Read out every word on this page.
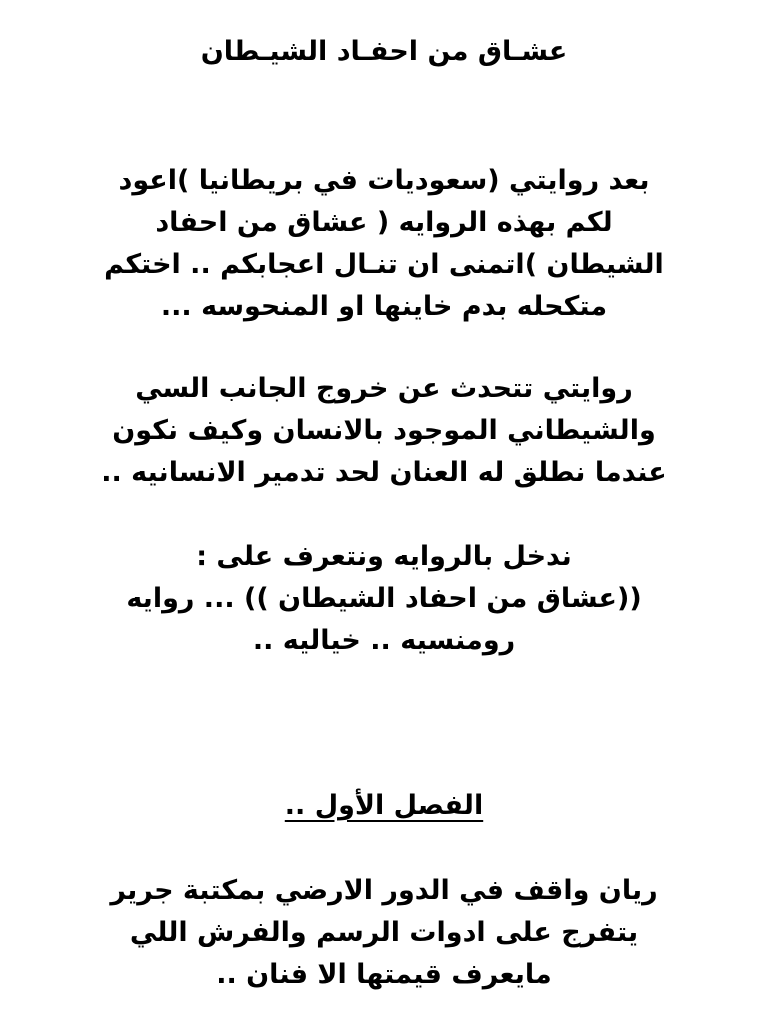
عشـاق من احفـاد الشيـطان
بعد روايتي (سعوديات في بريطانيا )اعود
لكم بهذه الروايه ( عشاق من احفاد
الشيطان )اتمنى ان تنـال اعجابكم .. اختكم
متكحله بدم خاينها او المنحوسه ...
روايتي تتحدث عن خروج الجانب السي
والشيطاني الموجود بالانسان وكيف نكون
عندما نطلق له العنان لحد تدمير الانسانيه ..
ندخل بالروايه ونتعرف على :
((عشاق من احفاد الشيطان )) ... روايه
رومنسيه .. خياليه ..
الفصل الأول ..
ريان واقف في الدور الارضي بمكتبة جرير
يتفرج على ادوات الرسم والفرش اللي
مايعرف قيمتها الا فنان ..
